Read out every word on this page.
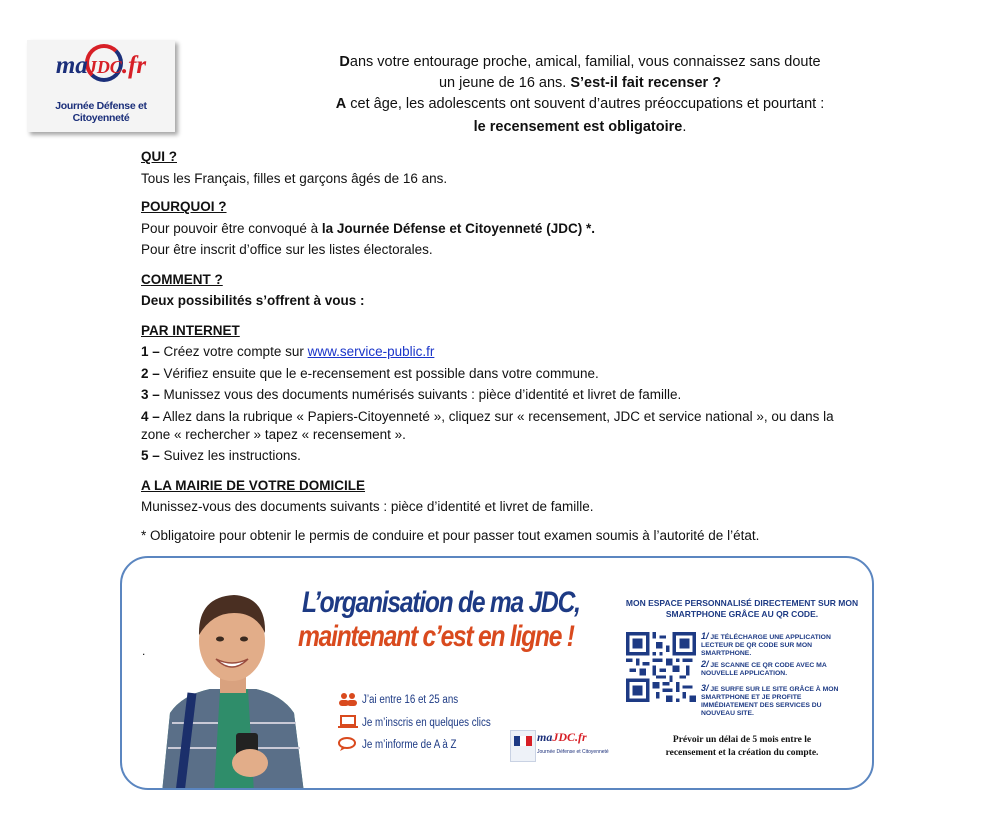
maJDC.fr
Journée Défense et Citoyenneté
Dans votre entourage proche, amical, familial, vous connaissez sans doute
un jeune de 16 ans. S’est-il fait recenser ?
A cet âge, les adolescents ont souvent d’autres préoccupations et pourtant :
le recensement est obligatoire.
QUI ?
Tous les Français, filles et garçons âgés de 16 ans.
POURQUOI ?
Pour pouvoir être convoqué à la Journée Défense et Citoyenneté (JDC) *.
Pour être inscrit d’office sur les listes électorales.
COMMENT ?
Deux possibilités s’offrent à vous :
PAR INTERNET
1 – Créez votre compte sur www.service-public.fr
2 – Vérifiez ensuite que le e-recensement est possible dans votre commune.
3 – Munissez vous des documents numérisés suivants : pièce d’identité et livret de famille.
4 – Allez dans la rubrique « Papiers-Citoyenneté », cliquez sur « recensement, JDC et service national », ou dans la
zone « rechercher » tapez « recensement ».
5 – Suivez les instructions.
A LA MAIRIE DE VOTRE DOMICILE
Munissez-vous des documents suivants : pièce d’identité et livret de famille.
* Obligatoire pour obtenir le permis de conduire et pour passer tout examen soumis à l’autorité de l’état.
.
L’organisation de ma JDC,
maintenant c’est en ligne !
J’ai entre 16 et 25 ans
Je m’inscris en quelques clics
Je m’informe de A à Z
maJDC.fr
Journée Défense et Citoyenneté
MON ESPACE PERSONNALISÉ DIRECTEMENT SUR MON SMARTPHONE GRÂCE AU QR CODE.
1/ JE TÉLÉCHARGE UNE APPLICATION LECTEUR DE QR CODE SUR MON SMARTPHONE.
2/ JE SCANNE CE QR CODE AVEC MA NOUVELLE APPLICATION.
3/ JE SURFE SUR LE SITE GRÂCE À MON SMARTPHONE ET JE PROFITE IMMÉDIATEMENT DES SERVICES DU NOUVEAU SITE.
Prévoir un délai de 5 mois entre le
recensement et la création du compte.
